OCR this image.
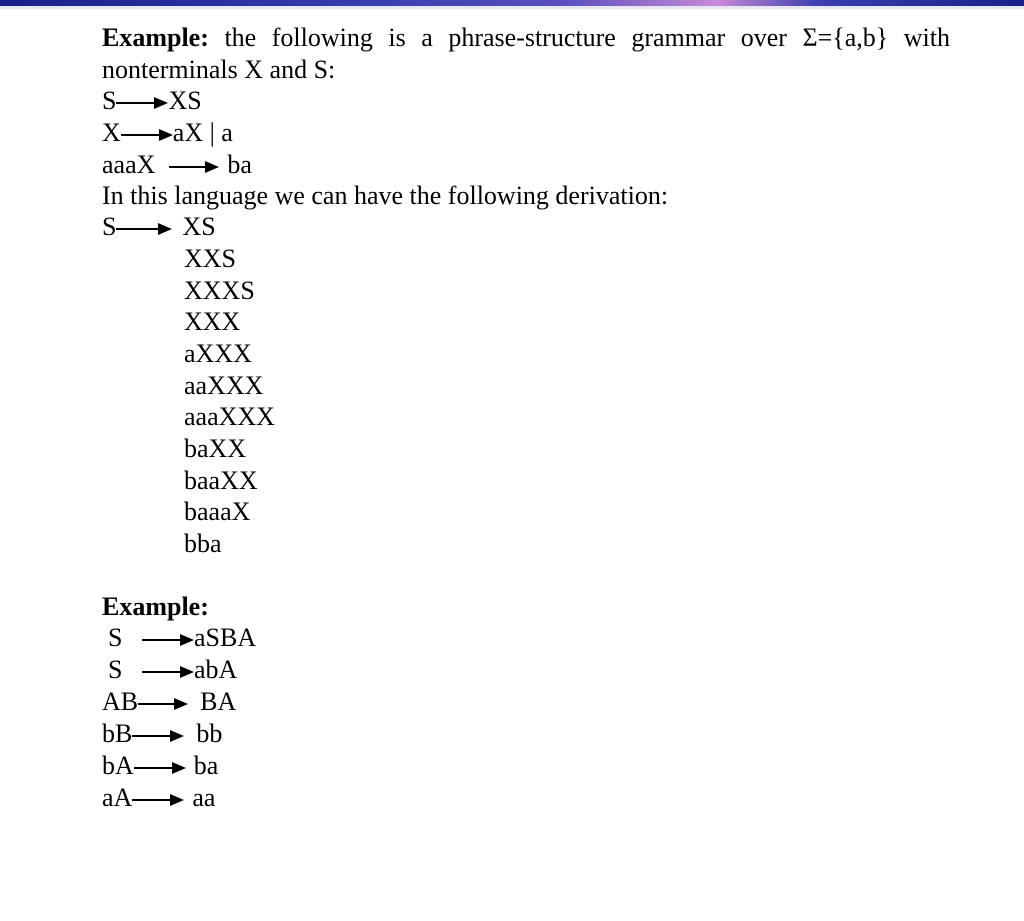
Example: the following is a phrase-structure grammar over Σ={a,b} with nonterminals X and S:
S XS
X aX | a
aaaX	ba
In this language we can have the following derivation:
S	XS
XXS
XXXS
XXX
aXXX
aaXXX
aaaXXX
baXX
baaXX
baaaX
bba
Example:
S	aSBA
S	abA
AB BA
bB bb
bA ba
aA aa
